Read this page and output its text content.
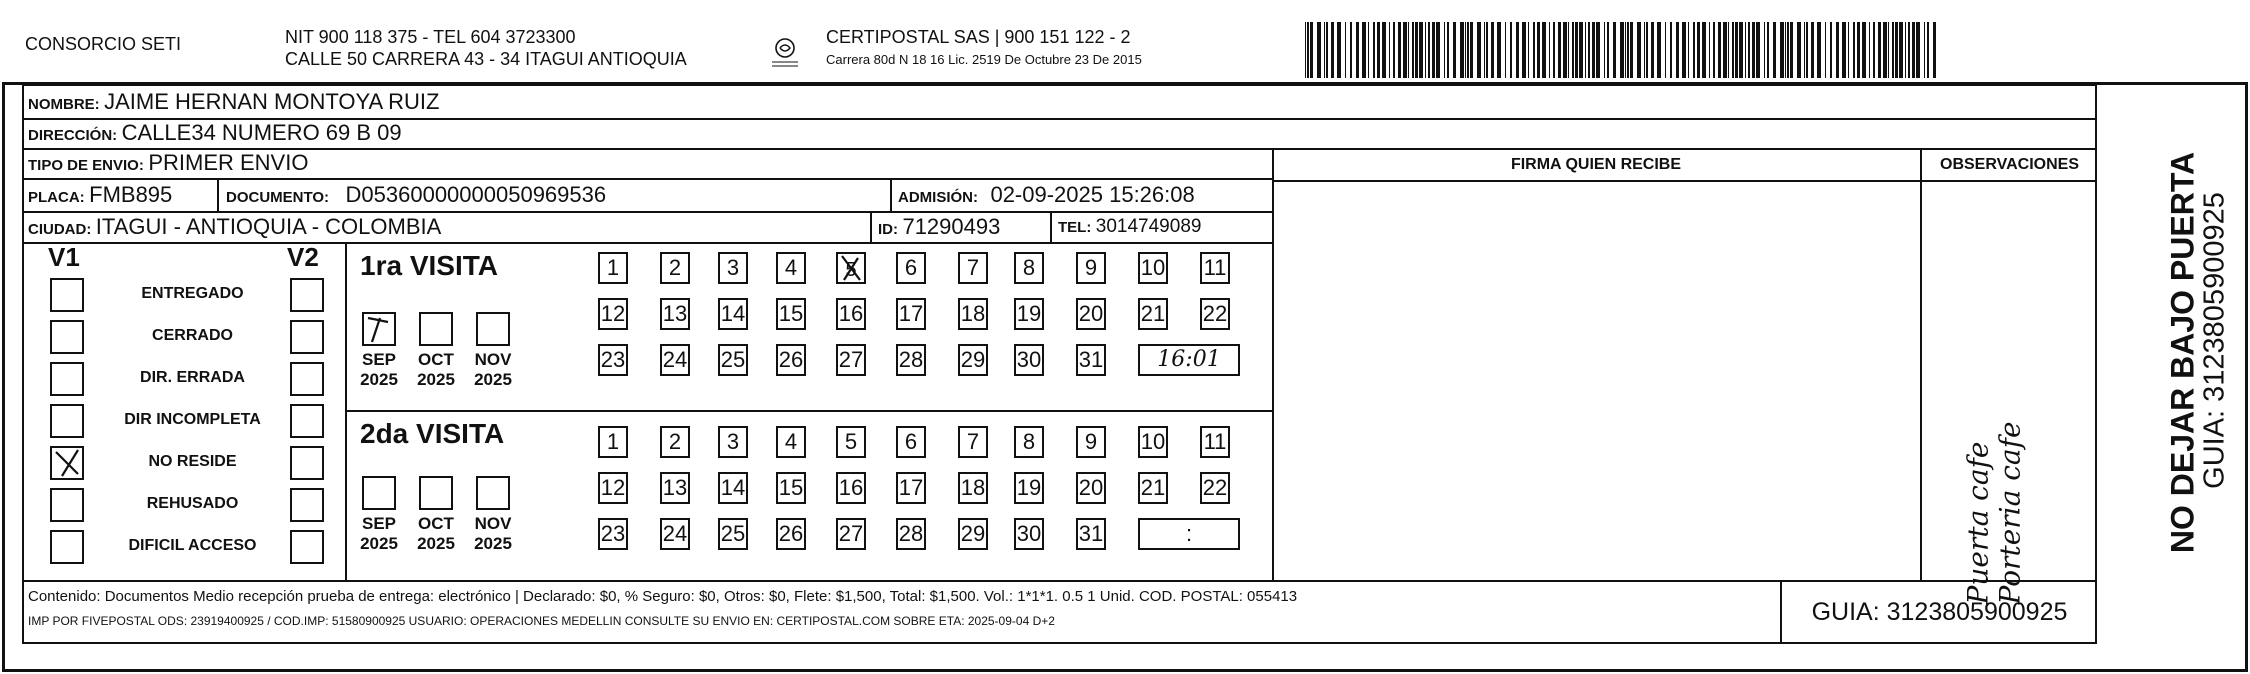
CONSORCIO SETI	NIT 900 118 375 - TEL 604 3723300
CALLE 50 CARRERA 43 - 34 ITAGUI ANTIOQUIA
CERTIPOSTAL SAS | 900 151 122 - 2
Carrera 80d N 18 16 Lic. 2519 De Octubre 23 De 2015
NOMBRE: JAIME HERNAN MONTOYA RUIZ
DIRECCIÓN: CALLE34 NUMERO 69 B 09
TIPO DE ENVIO: PRIMER ENVIO	FIRMA QUIEN RECIBE	OBSERVACIONES
PLACA: FMB895	DOCUMENTO: D05360000000050969536	ADMISIÓN: 02-09-2025 15:26:08
CIUDAD: ITAGUI - ANTIOQUIA - COLOMBIA	ID: 71290493	TEL: 3014749089
V1	V2 1ra VISITA
2da VISITA
Puerta cafe Porteria cafe
Contenido: Documentos Medio recepción prueba de entrega: electrónico | Declarado: $0, % Seguro: $0, Otros: $0, Flete: $1,500, Total: $1,500. Vol.: 1*1*1. 0.5 1 Unid. COD. POSTAL: 055413
IMP POR FIVEPOSTAL ODS: 23919400925 / COD.IMP: 51580900925 USUARIO: OPERACIONES MEDELLIN CONSULTE SU ENVIO EN: CERTIPOSTAL.COM SOBRE ETA: 2025-09-04 D+2	GUIA: 3123805900925
NO DEJAR BAJO PUERTA
GUIA: 3123805900925
ENTREGADO
CERRADO
DIR. ERRADA
DIR INCOMPLETA
NO RESIDE
REHUSADO
DIFICIL ACCESO
SEP
2025
OCT
2025
NOV
2025
SEP
2025
OCT
2025
NOV
2025
1	2	3	4	5	6	7	8	9	10 11
12 13 14 15 16 17 18 19 20 21 22
23 24 25 26 27 28 29 30 31	16:01
1	2	3	4	5	6	7	8	9	10 11
12 13 14 15 16 17 18 19 20 21 22
23 24 25 26 27 28 29 30 31	:
